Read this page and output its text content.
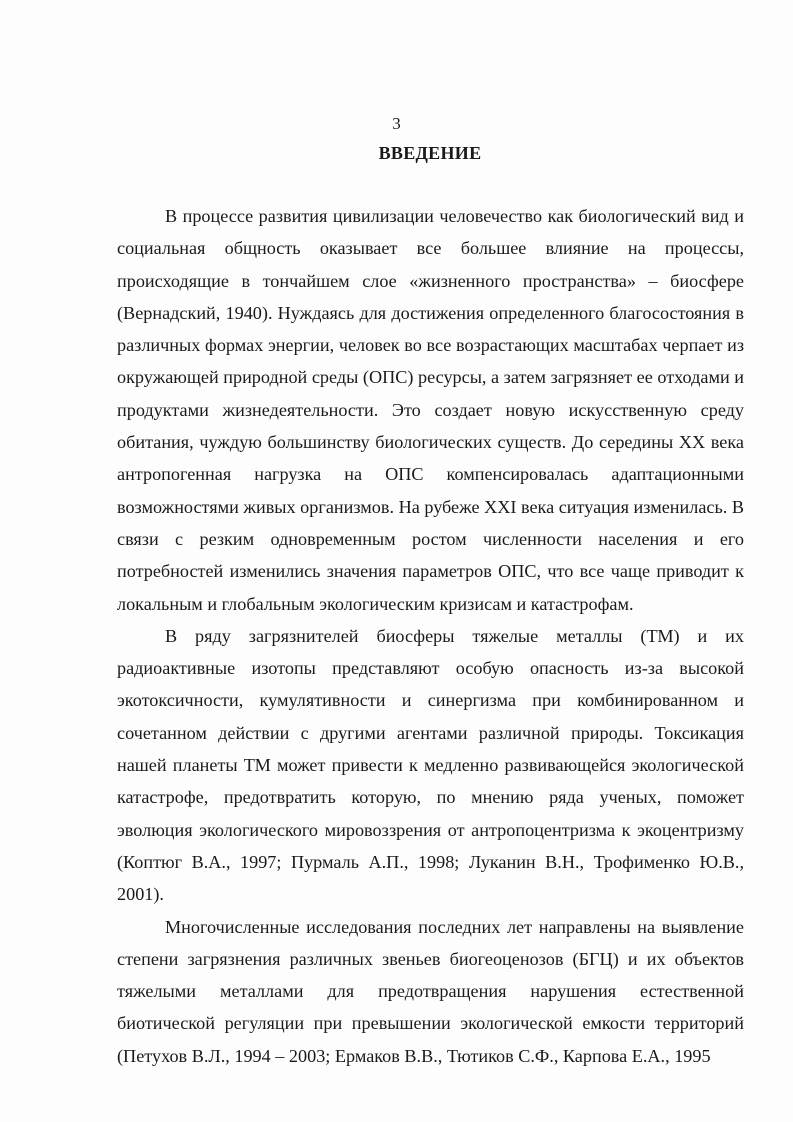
3
ВВЕДЕНИЕ

В процессе развития цивилизации человечество как биологический вид и социальная общность оказывает все большее влияние на процессы, происходящие в тончайшем слое «жизненного пространства» – биосфере (Вернадский, 1940). Нуждаясь для достижения определенного благосостояния в различных формах энергии, человек во все возрастающих масштабах черпает из окружающей природной среды (ОПС) ресурсы, а затем загрязняет ее отходами и продуктами жизнедеятельности. Это создает новую искусственную среду обитания, чуждую большинству биологических существ. До середины XX века антропогенная нагрузка на ОПС компенсировалась адаптационными возможностями живых организмов. На рубеже XXI века ситуация изменилась. В связи с резким одновременным ростом численности населения и его потребностей изменились значения параметров ОПС, что все чаще приводит к локальным и глобальным экологическим кризисам и катастрофам.

В ряду загрязнителей биосферы тяжелые металлы (ТМ) и их радиоактивные изотопы представляют особую опасность из-за высокой экотоксичности, кумулятивности и синергизма при комбинированном и сочетанном действии с другими агентами различной природы. Токсикация нашей планеты ТМ может привести к медленно развивающейся экологической катастрофе, предотвратить которую, по мнению ряда ученых, поможет эволюция экологического мировоззрения от антропоцентризма к экоцентризму (Коптюг В.А., 1997; Пурмаль А.П., 1998; Луканин В.Н., Трофименко Ю.В., 2001).

Многочисленные исследования последних лет направлены на выявление степени загрязнения различных звеньев биогеоценозов (БГЦ) и их объектов тяжелыми металлами для предотвращения нарушения естественной биотической регуляции при превышении экологической емкости территорий (Петухов В.Л., 1994 – 2003; Ермаков В.В., Тютиков С.Ф., Карпова Е.А., 1995
